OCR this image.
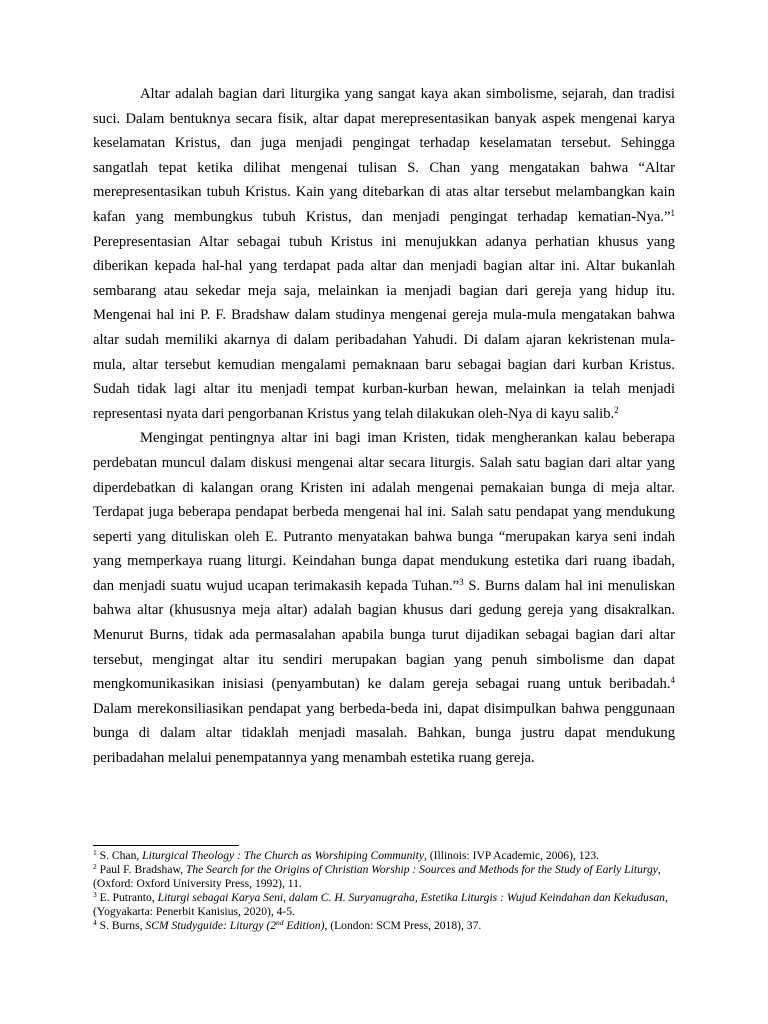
Altar adalah bagian dari liturgika yang sangat kaya akan simbolisme, sejarah, dan tradisi suci. Dalam bentuknya secara fisik, altar dapat merepresentasikan banyak aspek mengenai karya keselamatan Kristus, dan juga menjadi pengingat terhadap keselamatan tersebut. Sehingga sangatlah tepat ketika dilihat mengenai tulisan S. Chan yang mengatakan bahwa “Altar merepresentasikan tubuh Kristus. Kain yang ditebarkan di atas altar tersebut melambangkan kain kafan yang membungkus tubuh Kristus, dan menjadi pengingat terhadap kematian-Nya.”$^1$ Perepresentasian Altar sebagai tubuh Kristus ini menujukkan adanya perhatian khusus yang diberikan kepada hal-hal yang terdapat pada altar dan menjadi bagian altar ini. Altar bukanlah sembarang atau sekedar meja saja, melainkan ia menjadi bagian dari gereja yang hidup itu. Mengenai hal ini P. F. Bradshaw dalam studinya mengenai gereja mula-mula mengatakan bahwa altar sudah memiliki akarnya di dalam peribadahan Yahudi. Di dalam ajaran kekristenan mula-mula, altar tersebut kemudian mengalami pemaknaan baru sebagai bagian dari kurban Kristus. Sudah tidak lagi altar itu menjadi tempat kurban-kurban hewan, melainkan ia telah menjadi representasi nyata dari pengorbanan Kristus yang telah dilakukan oleh-Nya di kayu salib.$^2$

Mengingat pentingnya altar ini bagi iman Kristen, tidak mengherankan kalau beberapa perdebatan muncul dalam diskusi mengenai altar secara liturgis. Salah satu bagian dari altar yang diperdebatkan di kalangan orang Kristen ini adalah mengenai pemakaian bunga di meja altar. Terdapat juga beberapa pendapat berbeda mengenai hal ini. Salah satu pendapat yang mendukung seperti yang dituliskan oleh E. Putranto menyatakan bahwa bunga “merupakan karya seni indah yang memperkaya ruang liturgi. Keindahan bunga dapat mendukung estetika dari ruang ibadah, dan menjadi suatu wujud ucapan terimakasih kepada Tuhan.”$^3$ S. Burns dalam hal ini menuliskan bahwa altar (khususnya meja altar) adalah bagian khusus dari gedung gereja yang disakralkan. Menurut Burns, tidak ada permasalahan apabila bunga turut dijadikan sebagai bagian dari altar tersebut, mengingat altar itu sendiri merupakan bagian yang penuh simbolisme dan dapat mengkomunikasikan inisiasi (penyambutan) ke dalam gereja sebagai ruang untuk beribadah.$^4$ Dalam merekonsiliasikan pendapat yang berbeda-beda ini, dapat disimpulkan bahwa penggunaan bunga di dalam altar tidaklah menjadi masalah. Bahkan, bunga justru dapat mendukung peribadahan melalui penempatannya yang menambah estetika ruang gereja.

$^1$ S. Chan, Liturgical Theology : The Church as Worshiping Community, (Illinois: IVP Academic, 2006), 123.

$^2$ Paul F. Bradshaw, The Search for the Origins of Christian Worship : Sources and Methods for the Study of Early Liturgy, (Oxford: Oxford University Press, 1992), 11.

$^3$ E. Putranto, Liturgi sebagai Karya Seni, dalam C. H. Suryanugraha, Estetika Liturgis : Wujud Keindahan dan Kekudusan, (Yogyakarta: Penerbit Kanisius, 2020), 4-5.

$^4$ S. Burns, SCM Studyguide: Liturgy (2nd Edition), (London: SCM Press, 2018), 37.
